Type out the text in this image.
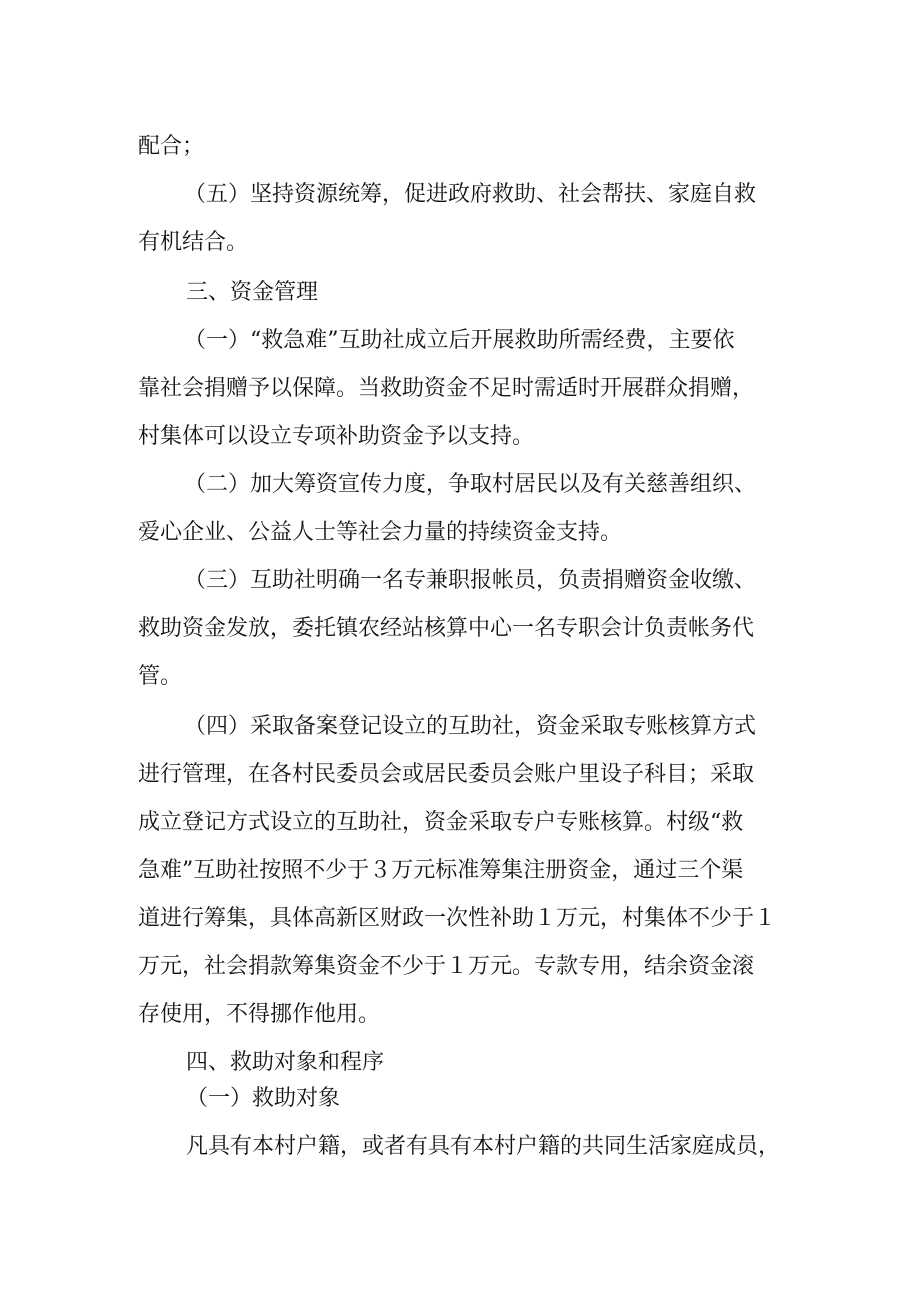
配合；

（五）坚持资源统筹，促进政府救助、社会帮扶、家庭自救

有机结合。

三、资金管理

（一）“救急难”互助社成立后开展救助所需经费，主要依

靠社会捐赠予以保障。当救助资金不足时需适时开展群众捐赠，

村集体可以设立专项补助资金予以支持。

（二）加大筹资宣传力度，争取村居民以及有关慈善组织、

爱心企业、公益人士等社会力量的持续资金支持。

（三）互助社明确一名专兼职报帐员，负责捐赠资金收缴、

救助资金发放，委托镇农经站核算中心一名专职会计负责帐务代

管。

（四）采取备案登记设立的互助社，资金采取专账核算方式

进行管理，在各村民委员会或居民委员会账户里设子科目；采取

成立登记方式设立的互助社，资金采取专户专账核算。村级“救

急难”互助社按照不少于３万元标准筹集注册资金，通过三个渠

道进行筹集，具体高新区财政一次性补助１万元，村集体不少于１

万元，社会捐款筹集资金不少于１万元。专款专用，结余资金滚

存使用，不得挪作他用。

四、救助对象和程序

（一）救助对象

凡具有本村户籍，或者有具有本村户籍的共同生活家庭成员，
